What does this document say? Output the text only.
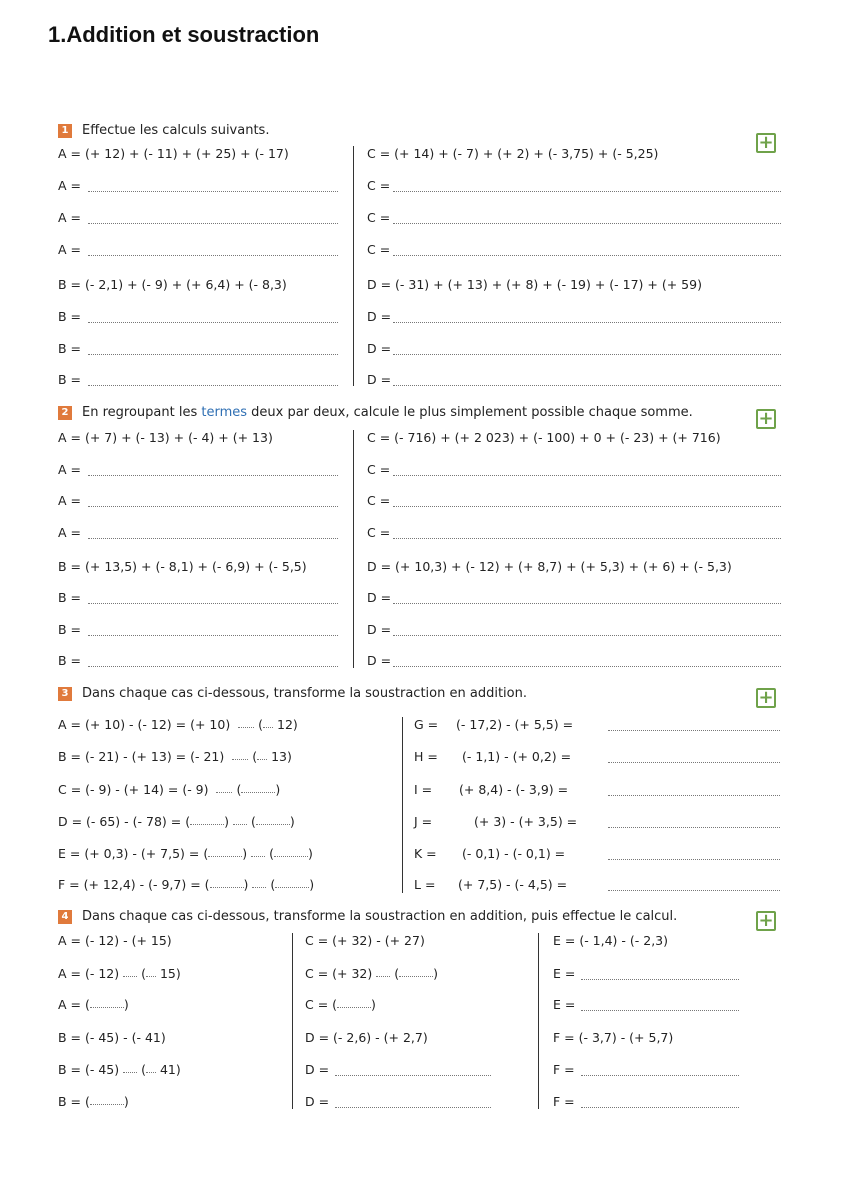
1.Addition et soustraction
1 Effectue les calculs suivants.
+
A = (+ 12) + (- 11) + (+ 25) + (- 17)	C = (+ 14) + (- 7) + (+ 2) + (- 3,75) + (- 5,25)
A =
A =
A =
C =
C =
C =
B = (- 2,1) + (- 9) + (+ 6,4) + (- 8,3)	D = (- 31) + (+ 13) + (+ 8) + (- 19) + (- 17) + (+ 59)
B =
B =
B =
D =
D =
D =
2 En regroupant les termes deux par deux, calcule le plus simplement possible chaque somme.	+
A = (+ 7) + (- 13) + (- 4) + (+ 13)	C = (- 716) + (+ 2 023) + (- 100) + 0 + (- 23) + (+ 716)
A =
A =
A =
C =
C =
C =
B = (+ 13,5) + (- 8,1) + (- 6,9) + (- 5,5)	D = (+ 10,3) + (- 12) + (+ 8,7) + (+ 5,3) + (+ 6) + (- 5,3)
B =
B =
B =
D =
D =
D =
3 Dans chaque cas ci-dessous, transforme la soustraction en addition.	+
A = (+ 10) - (- 12) = (+ 10) ( 12)
B = (- 21) - (+ 13) = (- 21) ( 13)
C = (- 9) - (+ 14) = (- 9) (	)
D = (- 65) - (- 78) = (	) (	)
E = (+ 0,3) - (+ 7,5) = (	) (	)
F = (+ 12,4) - (- 9,7) = (	) (	)
G = (- 17,2) - (+ 5,5) =
H = (- 1,1) - (+ 0,2) =
I = (+ 8,4) - (- 3,9) =
J =	(+ 3) - (+ 3,5) =
K = (- 0,1) - (- 0,1) =
L = (+ 7,5) - (- 4,5) =
4 Dans chaque cas ci-dessous, transforme la soustraction en addition, puis effectue le calcul.	+
A = (- 12) - (+ 15)
A = (- 12) ( 15)
A = (	)
B = (- 45) - (- 41)
B = (- 45) ( 41)
B = (	)
C = (+ 32) - (+ 27)
C = (+ 32) (	)
C = (	)
D = (- 2,6) - (+ 2,7)
D =
D =
E = (- 1,4) - (- 2,3)
E =
E =
F = (- 3,7) - (+ 5,7)
F =
F =
